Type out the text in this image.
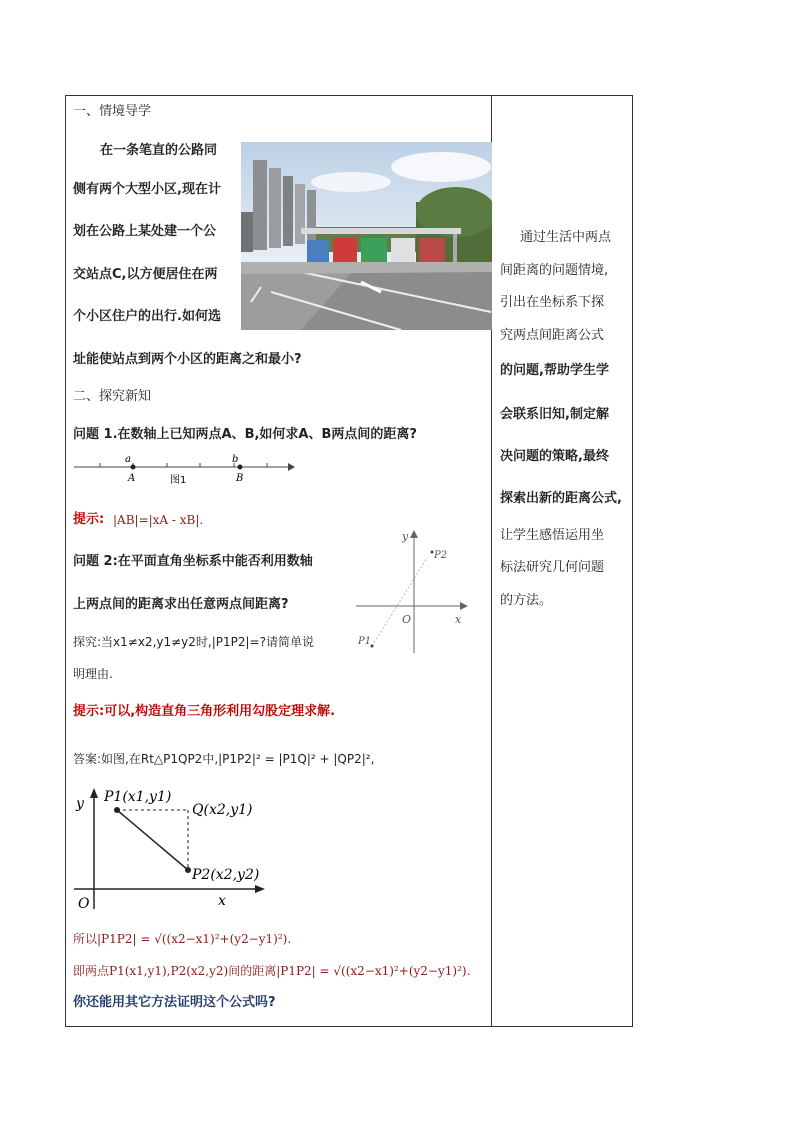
一、情境导学
在一条笔直的公路同
侧有两个大型小区,现在计
划在公路上某处建一个公
交站点C,以方便居住在两
个小区住户的出行.如何选
址能使站点到两个小区的距离之和最小?
二、探究新知
问题 1.在数轴上已知两点A、B,如何求A、B两点间的距离?
a
A
b
B
图1
提示: |AB|=|xA - xB|.
问题 2:在平面直角坐标系中能否利用数轴
上两点间的距离求出任意两点间距离?
探究:当x1≠x2,y1≠y2时,|P1P2|=?请简单说
明理由.
y
x
O
P2
P1
提示:可以,构造直角三角形利用勾股定理求解.
答案:如图,在Rt△P1QP2中,|P1P2|² = |P1Q|² + |QP2|²,
y
x
O
P1(x1,y1)
Q(x2,y1)
P2(x2,y2)
所以|P1P2| = √((x2−x1)²+(y2−y1)²).
即两点P1(x1,y1),P2(x2,y2)间的距离|P1P2| = √((x2−x1)²+(y2−y1)²).
你还能用其它方法证明这个公式吗?
通过生活中两点
间距离的问题情境,
引出在坐标系下探
究两点间距离公式
的问题,帮助学生学
会联系旧知,制定解
决问题的策略,最终
探索出新的距离公式,
让学生感悟运用坐
标法研究几何问题
的方法。
